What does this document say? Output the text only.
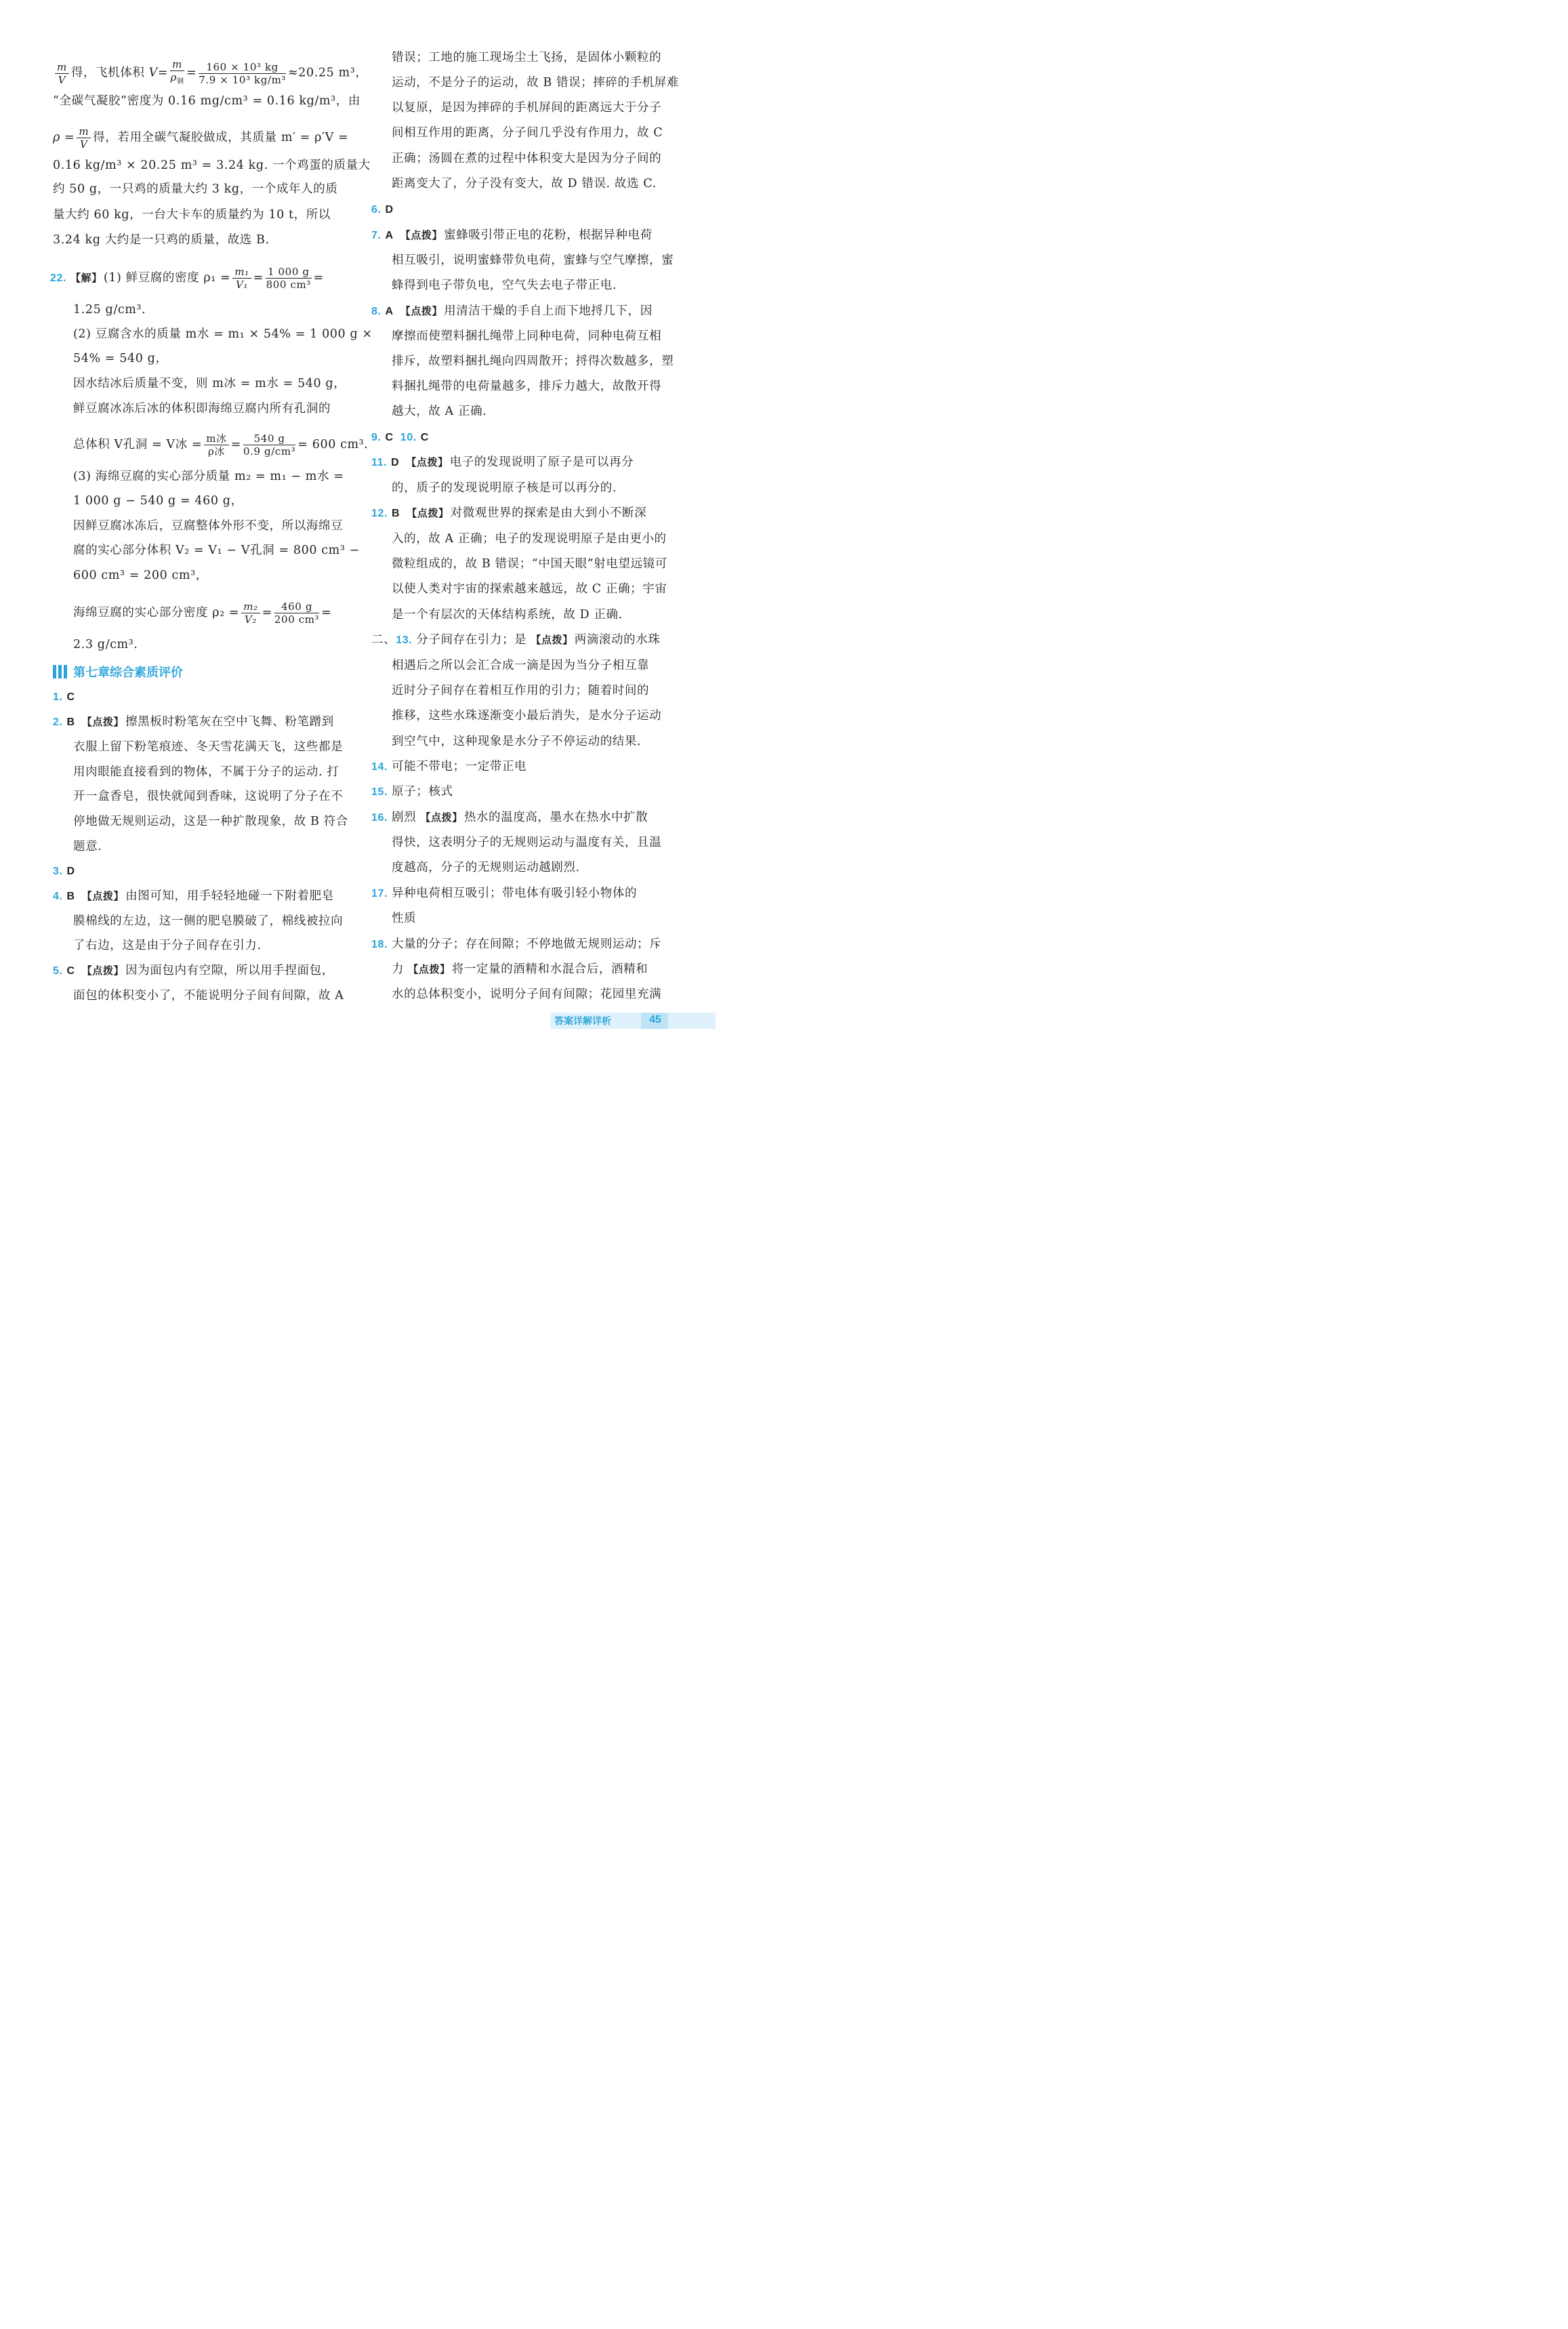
$\frac{m}{V}$ 得，飞机体积 $V= \frac{m}{\rho_钢} = \frac{\text{160 × 10³ kg}}{\text{7.9 × 10³ kg/m³}} \approx 20.25$ m³，
“全碳气凝胶”密度为 0.16 mg/cm³ = 0.16 kg/m³，由
$\rho = \frac{m}{V}$ 得，若用全碳气凝胶做成，其质量 m′ = ρ′V =
0.16 kg/m³ × 20.25 m³ = 3.24 kg. 一个鸡蛋的质量大
约 50 g，一只鸡的质量大约 3 kg，一个成年人的质
量大约 60 kg，一台大卡车的质量约为 10 t，所以
3.24 kg 大约是一只鸡的质量，故选 B.
22. 【解】 (1) 鲜豆腐的密度 $\rho_1 = \frac{\text{m₁}}{\text{V₁}} = \frac{1 000 g}{\text{800 cm³}}$ =
1.25 g/cm³.
(2) 豆腐含水的质量 m水 = m₁ × 54% = 1 000 g ×
54% = 540 g，
因水结冰后质量不变，则 m冰 = m水 = 540 g，
鲜豆腐冰冻后冰的体积即海绵豆腐内所有孔洞的
总体积 V孔洞 = V冰 = $\frac{\text{m冰}}{\text{ρ冰}} = \frac{540 g}{\text{0.9 g/cm³}} = 600$ cm³.
(3) 海绵豆腐的实心部分质量 m₂ = m₁ − m水 =
1 000 g − 540 g = 460 g，
因鲜豆腐冰冻后，豆腐整体外形不变，所以海绵豆
腐的实心部分体积 V₂ = V₁ − V孔洞 = 800 cm³ −
600 cm³ = 200 cm³，
海绵豆腐的实心部分密度 $\rho_2 = \frac{\text{m₂}}{\text{V₂}} = \frac{460 g}{\text{200 cm³}}$ =
2.3 g/cm³.
1. C
2. B 【点拨】 擦黑板时粉笔灰在空中飞舞、粉笔蹭到
衣服上留下粉笔痕迹、冬天雪花满天飞，这些都是
用肉眼能直接看到的物体，不属于分子的运动. 打
开一盒香皂，很快就闻到香味，这说明了分子在不
停地做无规则运动，这是一种扩散现象，故 B 符合
题意.
3. D
4. B 【点拨】 由图可知，用手轻轻地碰一下附着肥皂
膜棉线的左边，这一侧的肥皂膜破了，棉线被拉向
了右边，这是由于分子间存在引力.
5. C 【点拨】 因为面包内有空隙，所以用手捏面包，
面包的体积变小了，不能说明分子间有间隙，故 A
第七章综合素质评价
错误；工地的施工现场尘土飞扬，是固体小颗粒的
运动，不是分子的运动，故 B 错误；摔碎的手机屏难
以复原，是因为摔碎的手机屏间的距离远大于分子
间相互作用的距离，分子间几乎没有作用力，故 C
正确；汤圆在煮的过程中体积变大是因为分子间的
距离变大了，分子没有变大，故 D 错误. 故选 C.
6. D
7. A 【点拨】 蜜蜂吸引带正电的花粉，根据异种电荷
相互吸引，说明蜜蜂带负电荷，蜜蜂与空气摩擦，蜜
蜂得到电子带负电，空气失去电子带正电.
8. A 【点拨】 用清洁干燥的手自上而下地捋几下，因
摩擦而使塑料捆扎绳带上同种电荷，同种电荷互相
排斥，故塑料捆扎绳向四周散开；捋得次数越多，塑
料捆扎绳带的电荷量越多，排斥力越大，故散开得
越大，故 A 正确.
9. C 10. C
11. D 【点拨】 电子的发现说明了原子是可以再分
的，质子的发现说明原子核是可以再分的.
12. B 【点拨】 对微观世界的探索是由大到小不断深
入的，故 A 正确；电子的发现说明原子是由更小的
微粒组成的，故 B 错误；“中国天眼”射电望远镜可
以使人类对宇宙的探索越来越远，故 C 正确；宇宙
是一个有层次的天体结构系统，故 D 正确.
二、13. 分子间存在引力；是 【点拨】 两滴滚动的水珠
相遇后之所以会汇合成一滴是因为当分子相互靠
近时分子间存在着相互作用的引力；随着时间的
推移，这些水珠逐渐变小最后消失，是水分子运动
到空气中，这种现象是水分子不停运动的结果.
14. 可能不带电；一定带正电
15. 原子；核式
16. 剧烈 【点拨】 热水的温度高，墨水在热水中扩散
得快，这表明分子的无规则运动与温度有关，且温
度越高，分子的无规则运动越剧烈.
17. 异种电荷相互吸引；带电体有吸引轻小物体的
性质
18. 大量的分子；存在间隙；不停地做无规则运动；斥
力 【点拨】 将一定量的酒精和水混合后，酒精和
水的总体积变小，说明分子间有间隙；花园里充满
答案详解详析	45
